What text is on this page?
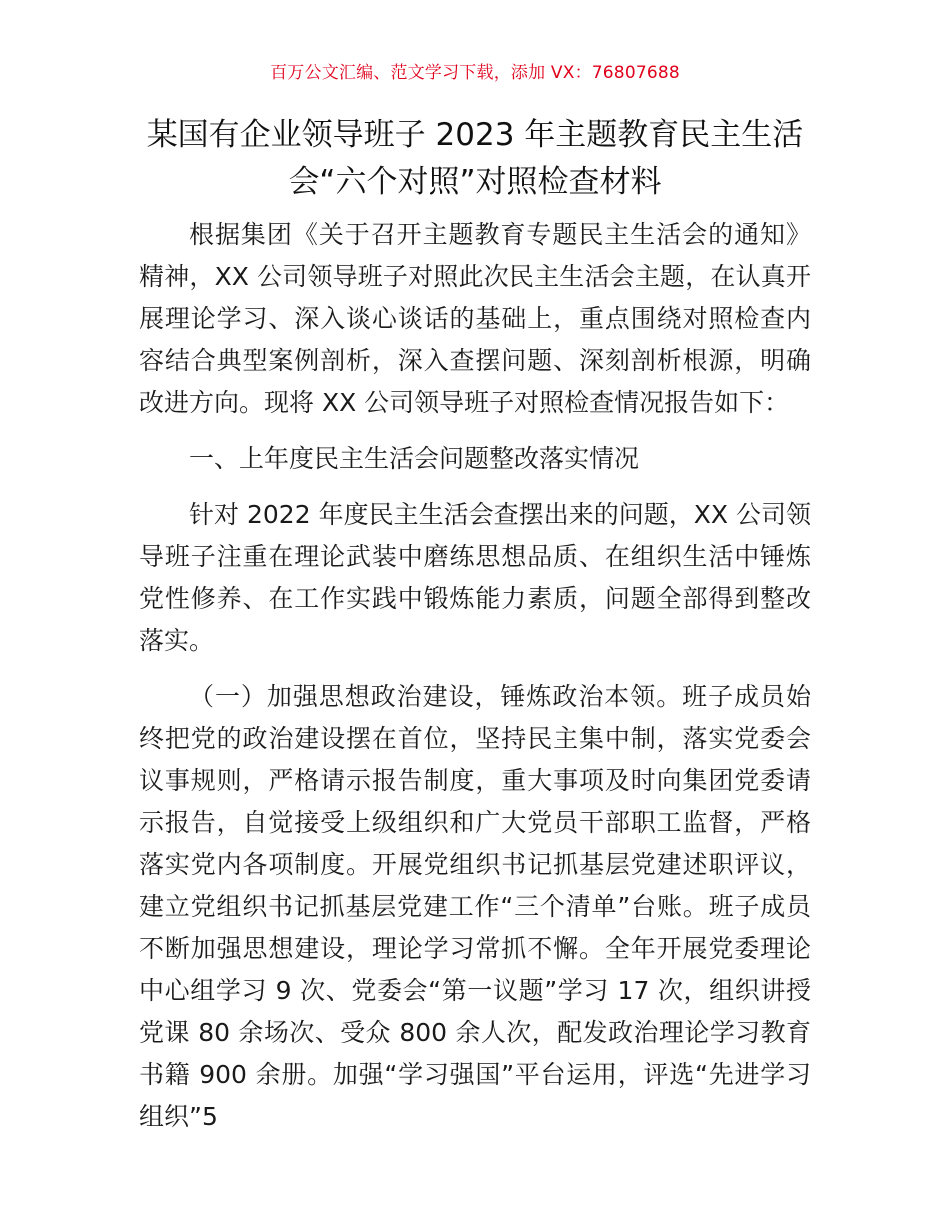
百万公文汇编、范文学习下载，添加 VX：76807688
某国有企业领导班子 2023 年主题教育民主生活会“六个对照”对照检查材料

根据集团《关于召开主题教育专题民主生活会的通知》精神，XX 公司领导班子对照此次民主生活会主题，在认真开展理论学习、深入谈心谈话的基础上，重点围绕对照检查内容结合典型案例剖析，深入查摆问题、深刻剖析根源，明确改进方向。现将 XX 公司领导班子对照检查情况报告如下：

一、上年度民主生活会问题整改落实情况

针对 2022 年度民主生活会查摆出来的问题，XX 公司领导班子注重在理论武装中磨练思想品质、在组织生活中锤炼党性修养、在工作实践中锻炼能力素质，问题全部得到整改落实。

（一）加强思想政治建设，锤炼政治本领。班子成员始终把党的政治建设摆在首位，坚持民主集中制，落实党委会议事规则，严格请示报告制度，重大事项及时向集团党委请示报告，自觉接受上级组织和广大党员干部职工监督，严格落实党内各项制度。开展党组织书记抓基层党建述职评议，建立党组织书记抓基层党建工作“三个清单”台账。班子成员不断加强思想建设，理论学习常抓不懈。全年开展党委理论中心组学习 9 次、党委会“第一议题”学习 17 次，组织讲授党课 80 余场次、受众 800 余人次，配发政治理论学习教育书籍 900 余册。加强“学习强国”平台运用，评选“先进学习组织”5
